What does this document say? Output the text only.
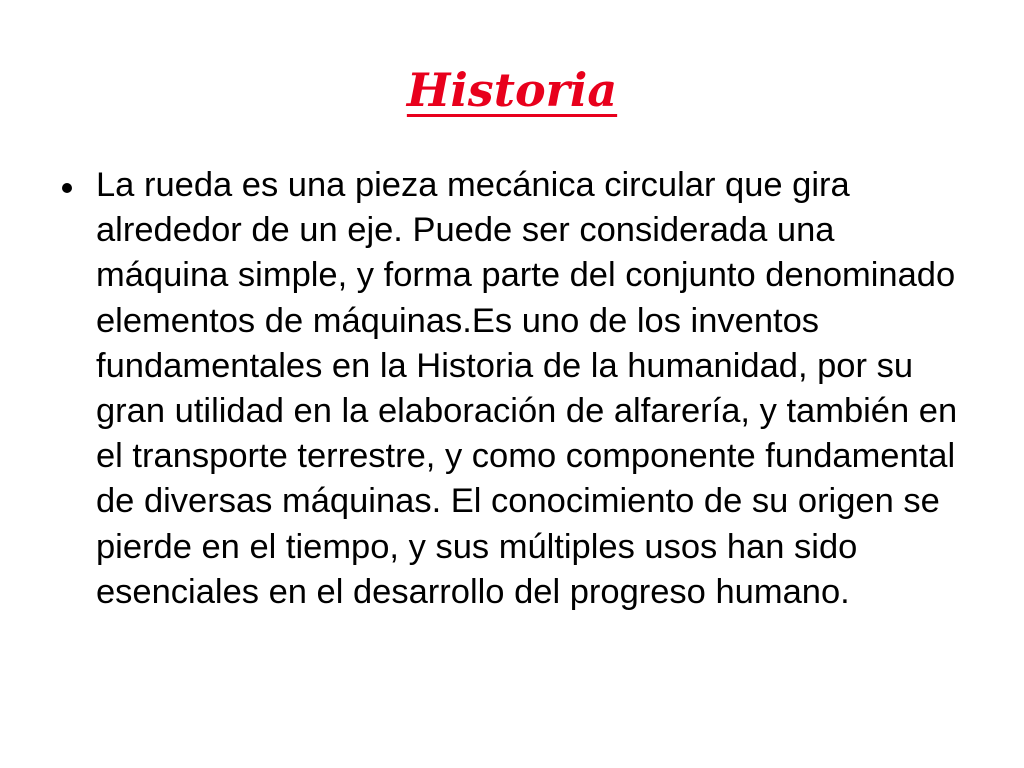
Historia
La rueda es una pieza mecánica circular que gira alrededor de un eje. Puede ser considerada una máquina simple, y forma parte del conjunto denominado elementos de máquinas.Es uno de los inventos fundamentales en la Historia de la humanidad, por su gran utilidad en la elaboración de alfarería, y también en el transporte terrestre, y como componente fundamental de diversas máquinas. El conocimiento de su origen se pierde en el tiempo, y sus múltiples usos han sido esenciales en el desarrollo del progreso humano.
